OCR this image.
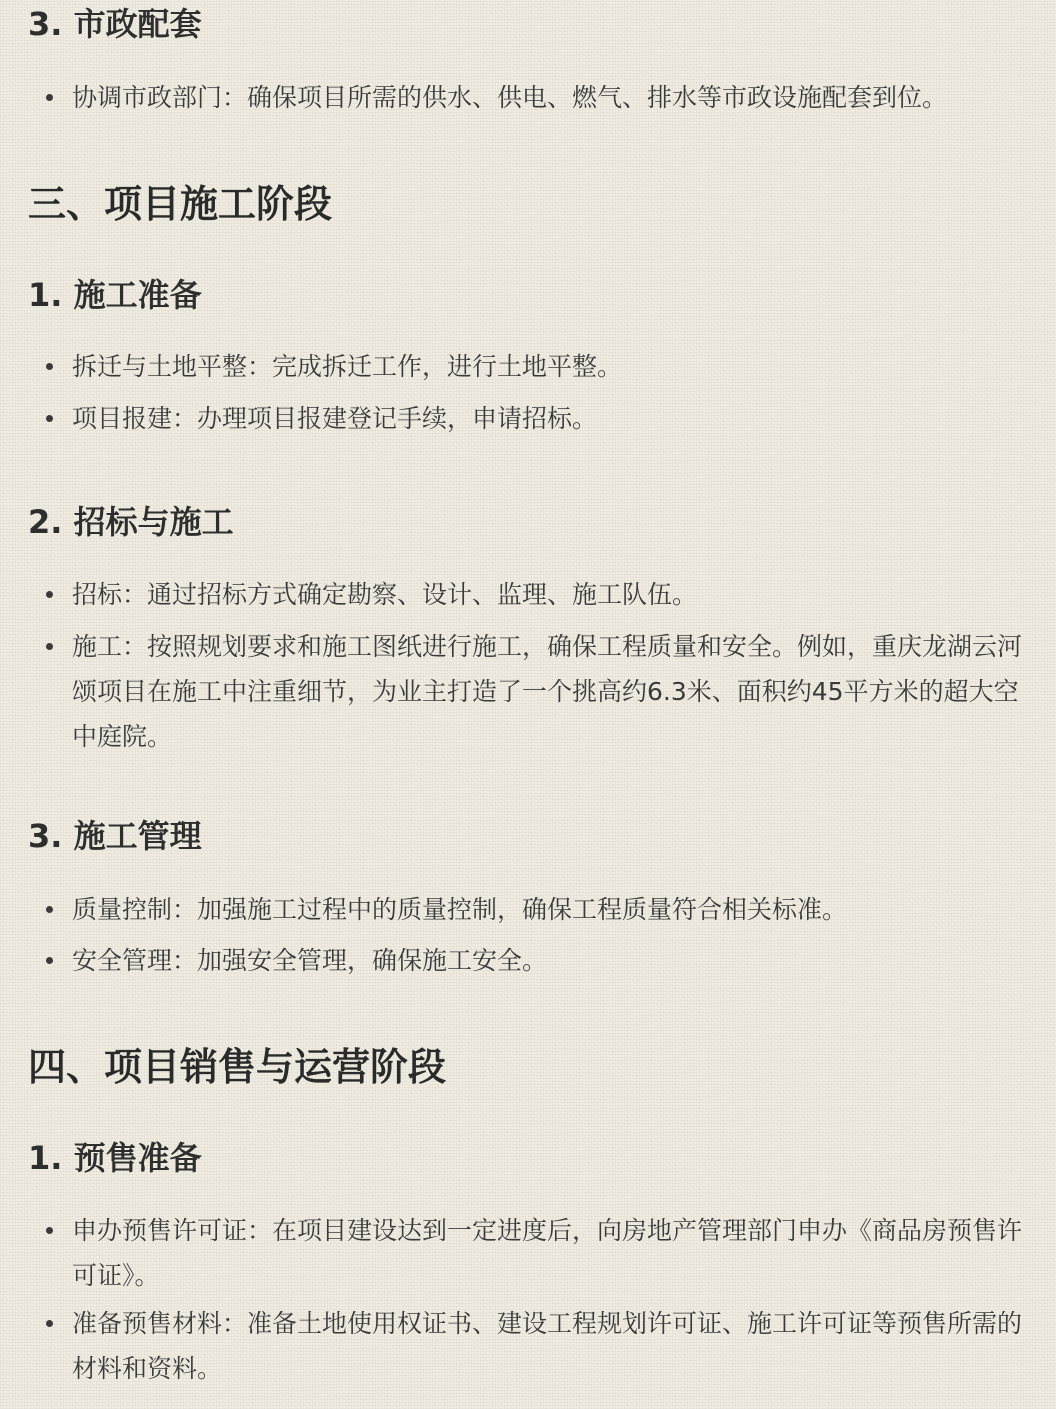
3. 市政配套
协调市政部门：确保项目所需的供水、供电、燃气、排水等市政设施配套到位。
三、项目施工阶段
1. 施工准备
拆迁与土地平整：完成拆迁工作，进行土地平整。
项目报建：办理项目报建登记手续，申请招标。
2. 招标与施工
招标：通过招标方式确定勘察、设计、监理、施工队伍。
施工：按照规划要求和施工图纸进行施工，确保工程质量和安全。例如，重庆龙湖云河颂项目在施工中注重细节，为业主打造了一个挑高约6.3米、面积约45平方米的超大空中庭院。
3. 施工管理
质量控制：加强施工过程中的质量控制，确保工程质量符合相关标准。
安全管理：加强安全管理，确保施工安全。
四、项目销售与运营阶段
1. 预售准备
申办预售许可证：在项目建设达到一定进度后，向房地产管理部门申办《商品房预售许可证》。
准备预售材料：准备土地使用权证书、建设工程规划许可证、施工许可证等预售所需的材料和资料。
